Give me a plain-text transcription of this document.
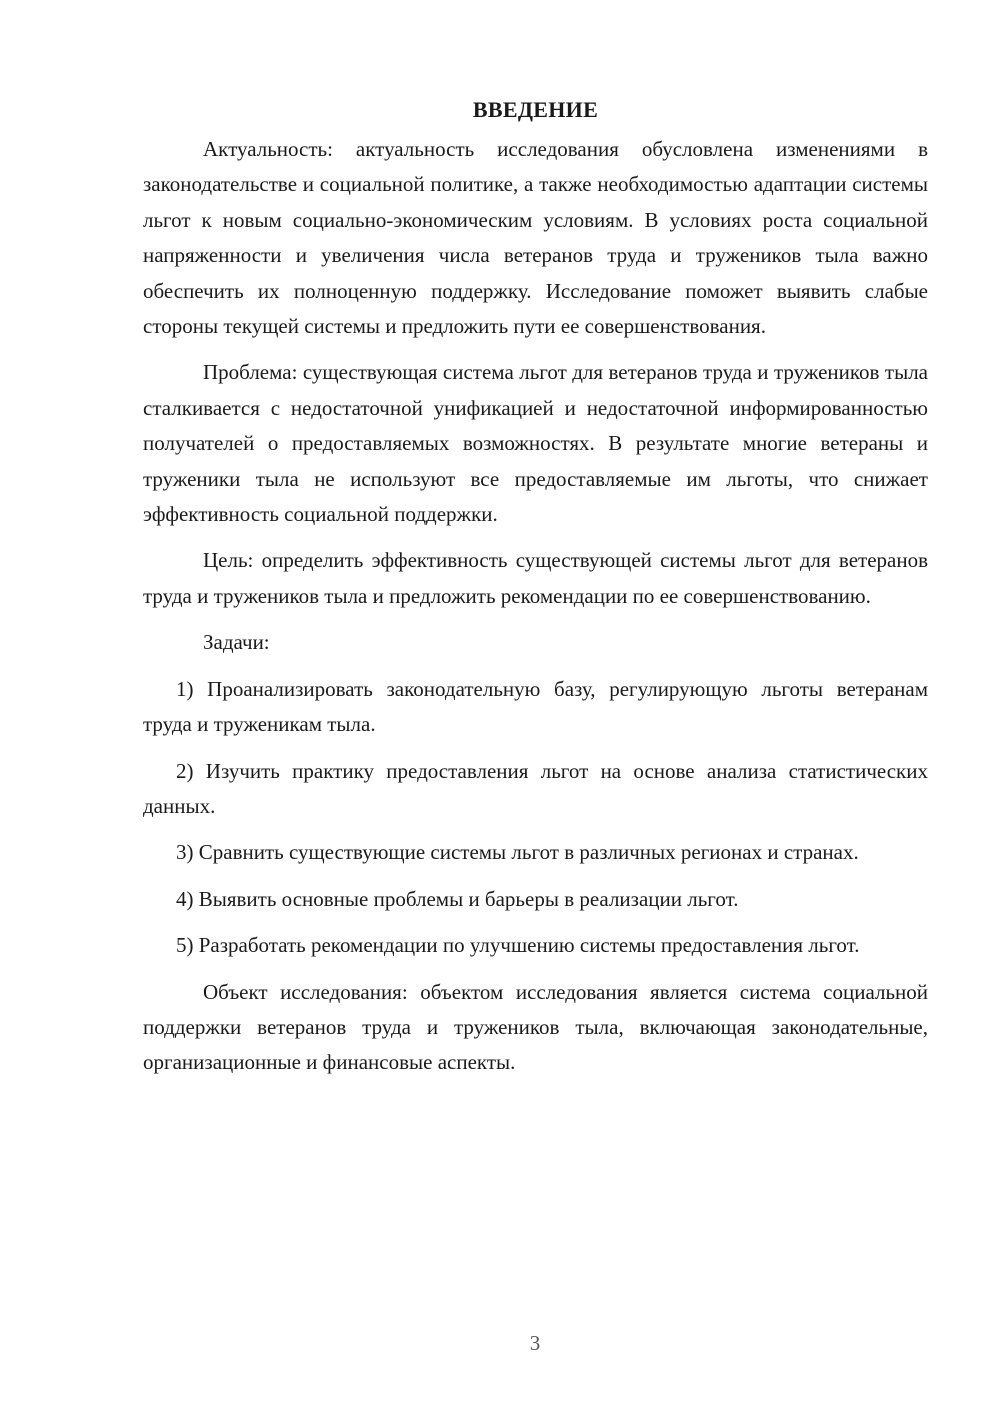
ВВЕДЕНИЕ

Актуальность: актуальность исследования обусловлена изменениями в законодательстве и социальной политике, а также необходимостью адаптации системы льгот к новым социально-экономическим условиям. В условиях роста социальной напряженности и увеличения числа ветеранов труда и тружеников тыла важно обеспечить их полноценную поддержку. Исследование поможет выявить слабые стороны текущей системы и предложить пути ее совершенствования.

Проблема: существующая система льгот для ветеранов труда и тружеников тыла сталкивается с недостаточной унификацией и недостаточной информированностью получателей о предоставляемых возможностях. В результате многие ветераны и труженики тыла не используют все предоставляемые им льготы, что снижает эффективность социальной поддержки.

Цель: определить эффективность существующей системы льгот для ветеранов труда и тружеников тыла и предложить рекомендации по ее совершенствованию.

Задачи:

1) Проанализировать законодательную базу, регулирующую льготы ветеранам труда и труженикам тыла.

2) Изучить практику предоставления льгот на основе анализа статистических данных.

3) Сравнить существующие системы льгот в различных регионах и странах.

4) Выявить основные проблемы и барьеры в реализации льгот.

5) Разработать рекомендации по улучшению системы предоставления льгот.

Объект исследования: объектом исследования является система социальной поддержки ветеранов труда и тружеников тыла, включающая законодательные, организационные и финансовые аспекты.

3
